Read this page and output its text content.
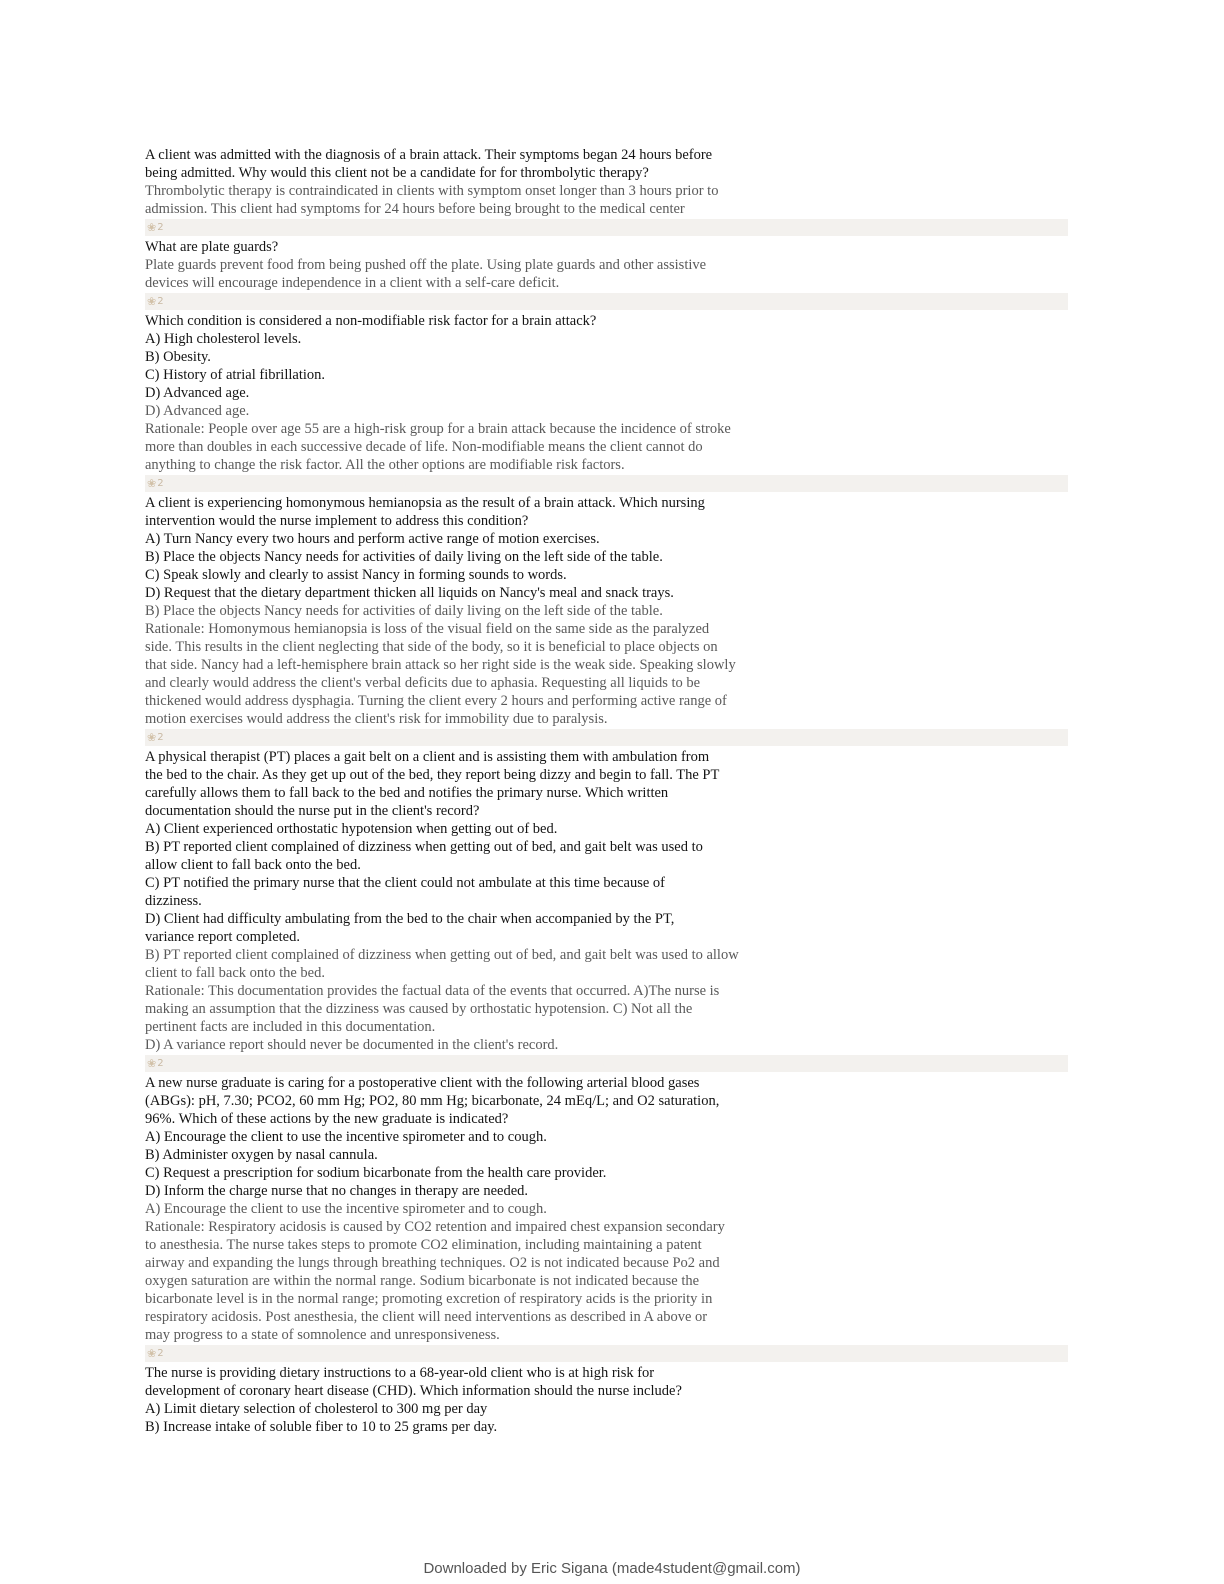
A client was admitted with the diagnosis of a brain attack. Their symptoms began 24 hours before
being admitted. Why would this client not be a candidate for for thrombolytic therapy?
Thrombolytic therapy is contraindicated in clients with symptom onset longer than 3 hours prior to
admission. This client had symptoms for 24 hours before being brought to the medical center
❀ 2
What are plate guards?
Plate guards prevent food from being pushed off the plate. Using plate guards and other assistive
devices will encourage independence in a client with a self-care deficit.
❀ 2
Which condition is considered a non-modifiable risk factor for a brain attack?
A) High cholesterol levels.
B) Obesity.
C) History of atrial fibrillation.
D) Advanced age.
D) Advanced age.
Rationale: People over age 55 are a high-risk group for a brain attack because the incidence of stroke
more than doubles in each successive decade of life. Non-modifiable means the client cannot do
anything to change the risk factor. All the other options are modifiable risk factors.
❀ 2
A client is experiencing homonymous hemianopsia as the result of a brain attack. Which nursing
intervention would the nurse implement to address this condition?
A) Turn Nancy every two hours and perform active range of motion exercises.
B) Place the objects Nancy needs for activities of daily living on the left side of the table.
C) Speak slowly and clearly to assist Nancy in forming sounds to words.
D) Request that the dietary department thicken all liquids on Nancy's meal and snack trays.
B) Place the objects Nancy needs for activities of daily living on the left side of the table.
Rationale: Homonymous hemianopsia is loss of the visual field on the same side as the paralyzed
side. This results in the client neglecting that side of the body, so it is beneficial to place objects on
that side. Nancy had a left-hemisphere brain attack so her right side is the weak side. Speaking slowly
and clearly would address the client's verbal deficits due to aphasia. Requesting all liquids to be
thickened would address dysphagia. Turning the client every 2 hours and performing active range of
motion exercises would address the client's risk for immobility due to paralysis.
❀ 2
A physical therapist (PT) places a gait belt on a client and is assisting them with ambulation from
the bed to the chair. As they get up out of the bed, they report being dizzy and begin to fall. The PT
carefully allows them to fall back to the bed and notifies the primary nurse. Which written
documentation should the nurse put in the client's record?
A) Client experienced orthostatic hypotension when getting out of bed.
B) PT reported client complained of dizziness when getting out of bed, and gait belt was used to
allow client to fall back onto the bed.
C) PT notified the primary nurse that the client could not ambulate at this time because of
dizziness.
D) Client had difficulty ambulating from the bed to the chair when accompanied by the PT,
variance report completed.
B) PT reported client complained of dizziness when getting out of bed, and gait belt was used to allow
client to fall back onto the bed.
Rationale: This documentation provides the factual data of the events that occurred. A)The nurse is
making an assumption that the dizziness was caused by orthostatic hypotension. C) Not all the
pertinent facts are included in this documentation.
D) A variance report should never be documented in the client's record.
❀ 2
A new nurse graduate is caring for a postoperative client with the following arterial blood gases
(ABGs): pH, 7.30; PCO2, 60 mm Hg; PO2, 80 mm Hg; bicarbonate, 24 mEq/L; and O2 saturation,
96%. Which of these actions by the new graduate is indicated?
A) Encourage the client to use the incentive spirometer and to cough.
B) Administer oxygen by nasal cannula.
C) Request a prescription for sodium bicarbonate from the health care provider.
D) Inform the charge nurse that no changes in therapy are needed.
A) Encourage the client to use the incentive spirometer and to cough.
Rationale: Respiratory acidosis is caused by CO2 retention and impaired chest expansion secondary
to anesthesia. The nurse takes steps to promote CO2 elimination, including maintaining a patent
airway and expanding the lungs through breathing techniques. O2 is not indicated because Po2 and
oxygen saturation are within the normal range. Sodium bicarbonate is not indicated because the
bicarbonate level is in the normal range; promoting excretion of respiratory acids is the priority in
respiratory acidosis. Post anesthesia, the client will need interventions as described in A above or
may progress to a state of somnolence and unresponsiveness.
❀ 2
The nurse is providing dietary instructions to a 68-year-old client who is at high risk for
development of coronary heart disease (CHD). Which information should the nurse include?
A) Limit dietary selection of cholesterol to 300 mg per day
B) Increase intake of soluble fiber to 10 to 25 grams per day.
Downloaded by Eric Sigana (made4student@gmail.com)
